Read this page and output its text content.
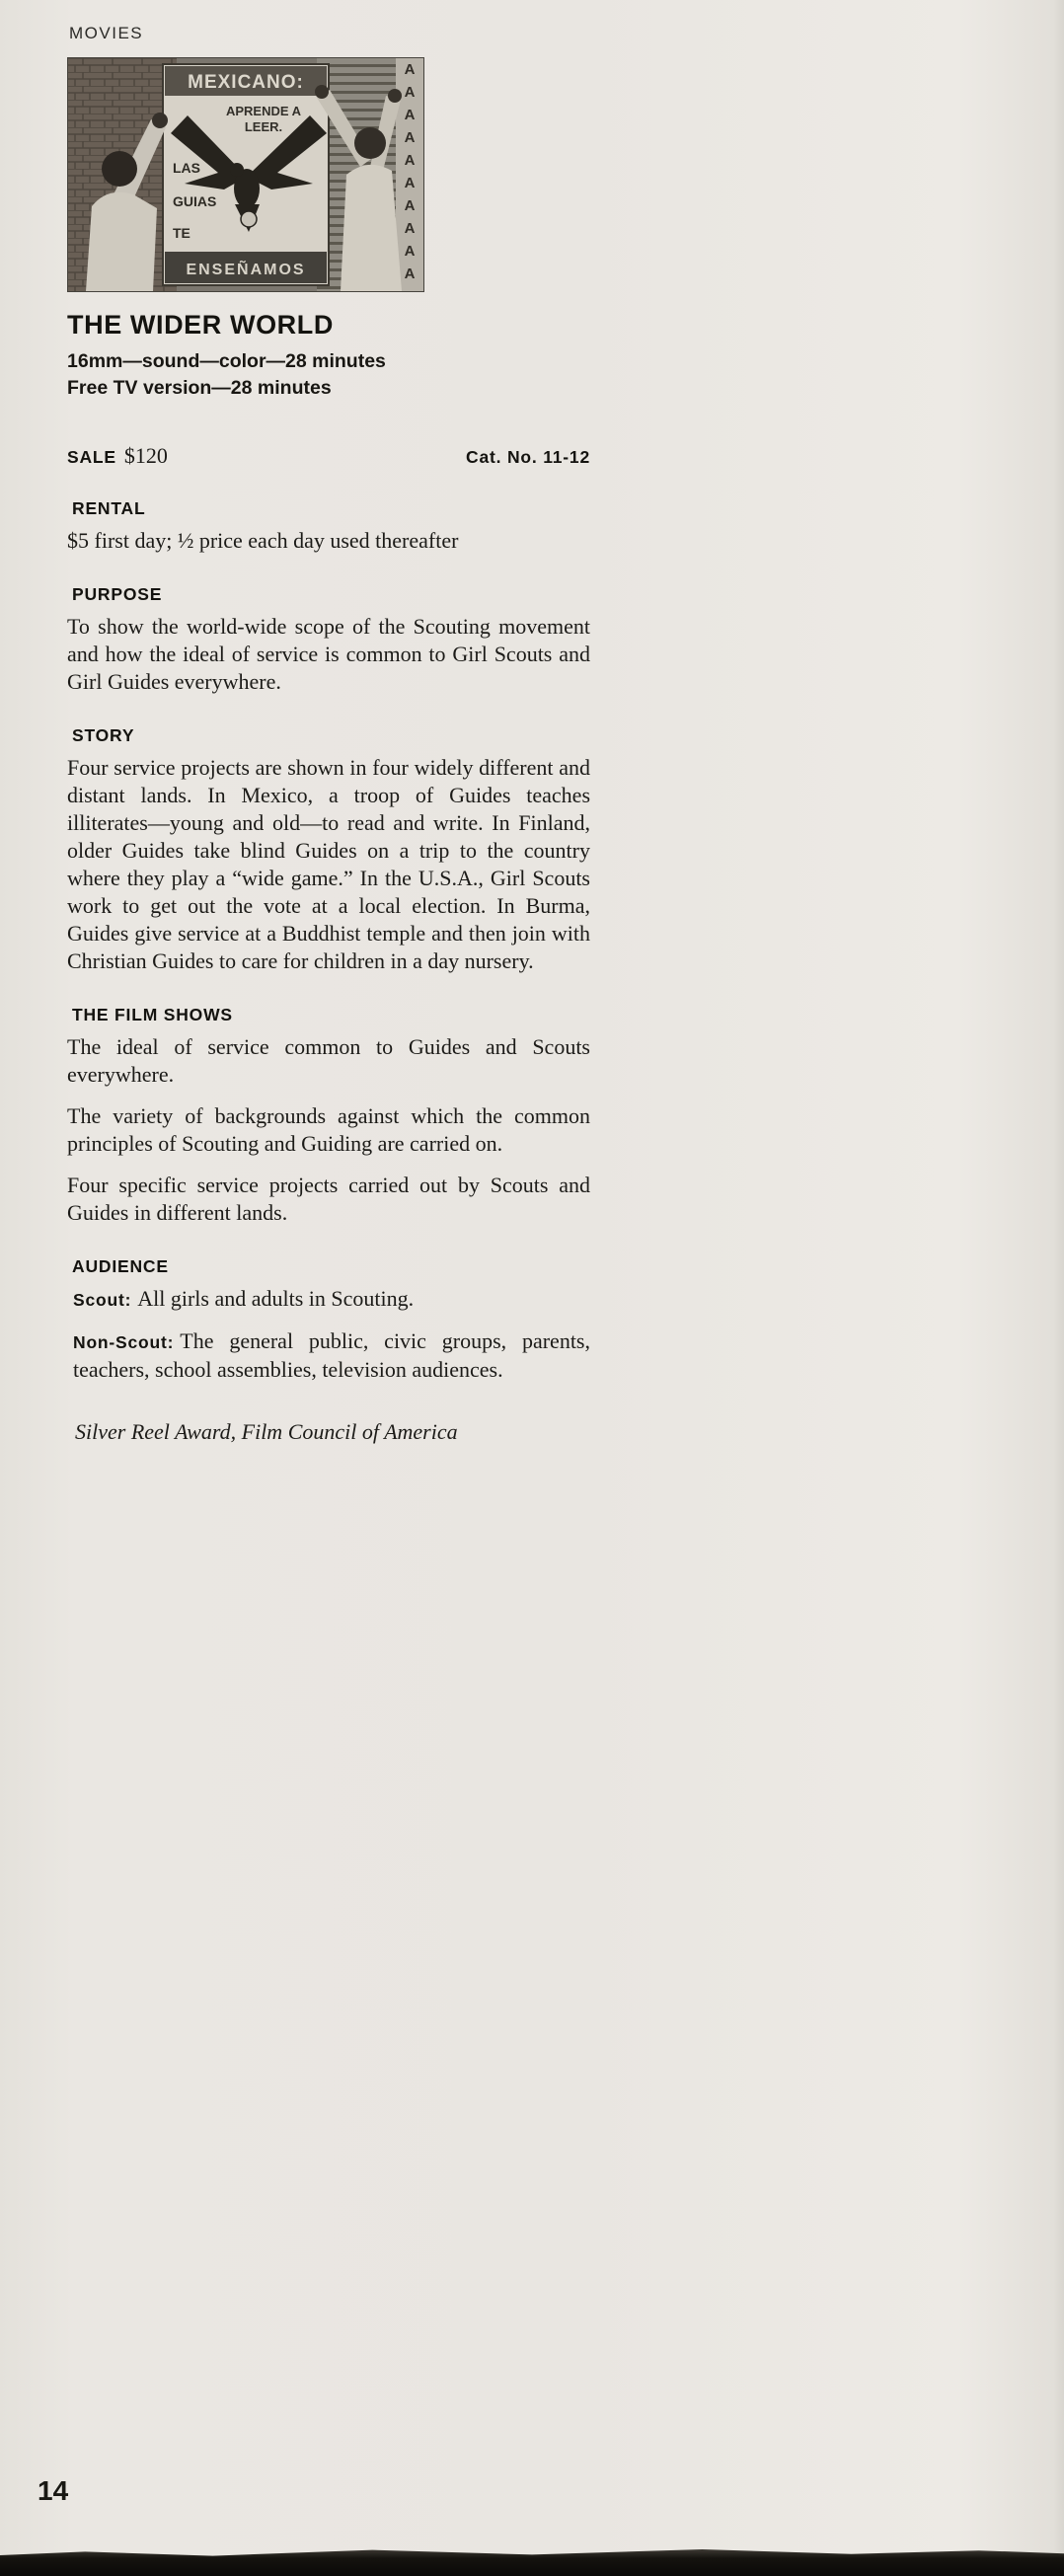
MOVIES
A
A
A
A
A
A
A
A
A
A
MEXICANO:
APRENDE A
LEER.
LAS
GUIAS
TE
ENSEÑAMOS
THE WIDER WORLD
16mm—sound—color—28 minutes
Free TV version—28 minutes
SALE $120	Cat. No. 11-12
RENTAL

$5 first day; ½ price each day used thereafter

PURPOSE

To show the world-wide scope of the Scouting movement and how the ideal of service is common to Girl Scouts and Girl Guides everywhere.

STORY

Four service projects are shown in four widely different and distant lands. In Mexico, a troop of Guides teaches illiterates—young and old—to read and write. In Finland, older Guides take blind Guides on a trip to the country where they play a “wide game.” In the U.S.A., Girl Scouts work to get out the vote at a local election. In Burma, Guides give service at a Buddhist temple and then join with Christian Guides to care for children in a day nursery.

THE FILM SHOWS

The ideal of service common to Guides and Scouts everywhere.

The variety of backgrounds against which the common principles of Scouting and Guiding are carried on.

Four specific service projects carried out by Scouts and Guides in different lands.

AUDIENCE

Scout: All girls and adults in Scouting.

Non-Scout: The general public, civic groups, parents, teachers, school assemblies, television audiences.

Silver Reel Award, Film Council of America
14
